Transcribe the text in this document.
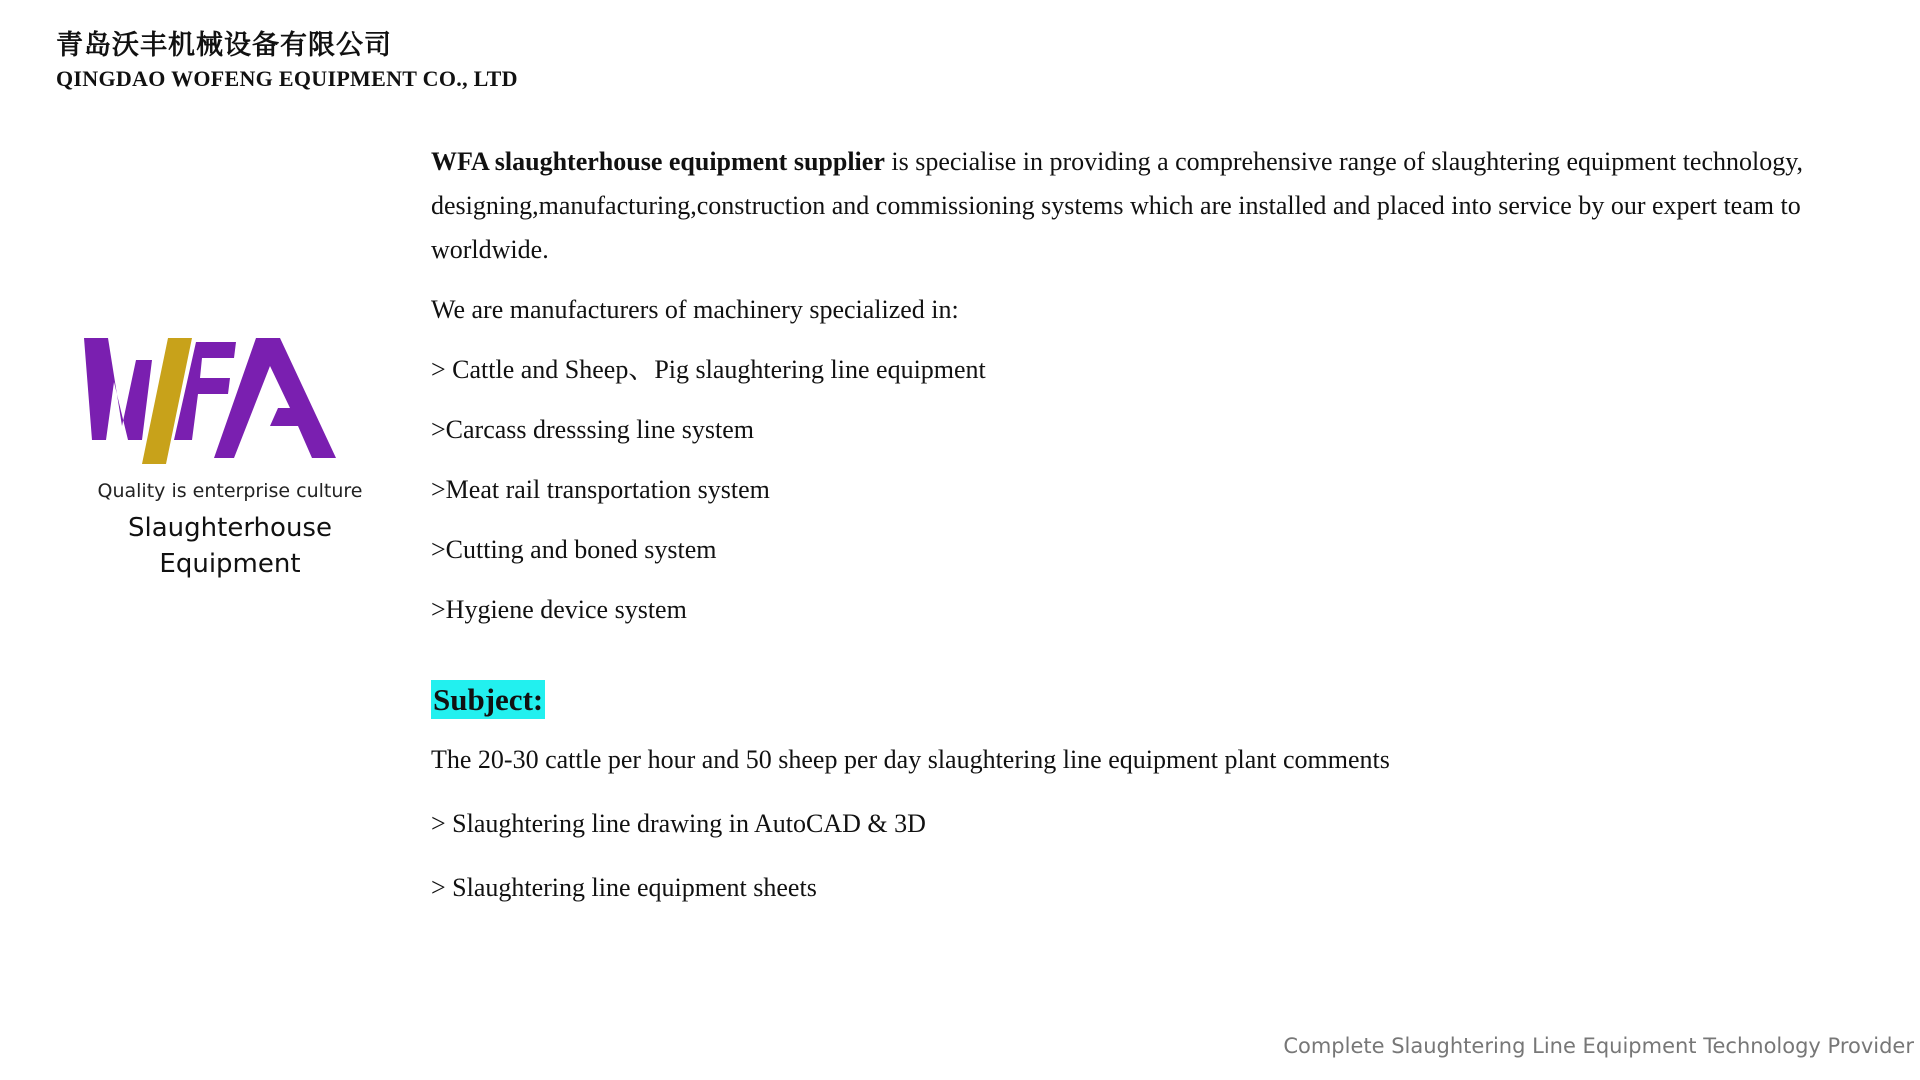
青岛沃丰机械设备有限公司
QINGDAO WOFENG EQUIPMENT CO., LTD
Quality is enterprise culture
Slaughterhouse Equipment

WFA slaughterhouse equipment supplier is specialise in providing a comprehensive range of slaughtering equipment technology, designing,manufacturing,construction and commissioning systems which are installed and placed into service by our expert team to worldwide.

We are manufacturers of machinery specialized in:

> Cattle and Sheep、Pig slaughtering line equipment

>Carcass dresssing line system

>Meat rail transportation system

>Cutting and boned system

>Hygiene device system

Subject:

The 20-30 cattle per hour and 50 sheep per day slaughtering line equipment plant comments

> Slaughtering line drawing in AutoCAD & 3D

> Slaughtering line equipment sheets

Complete Slaughtering Line Equipment Technology Provider
